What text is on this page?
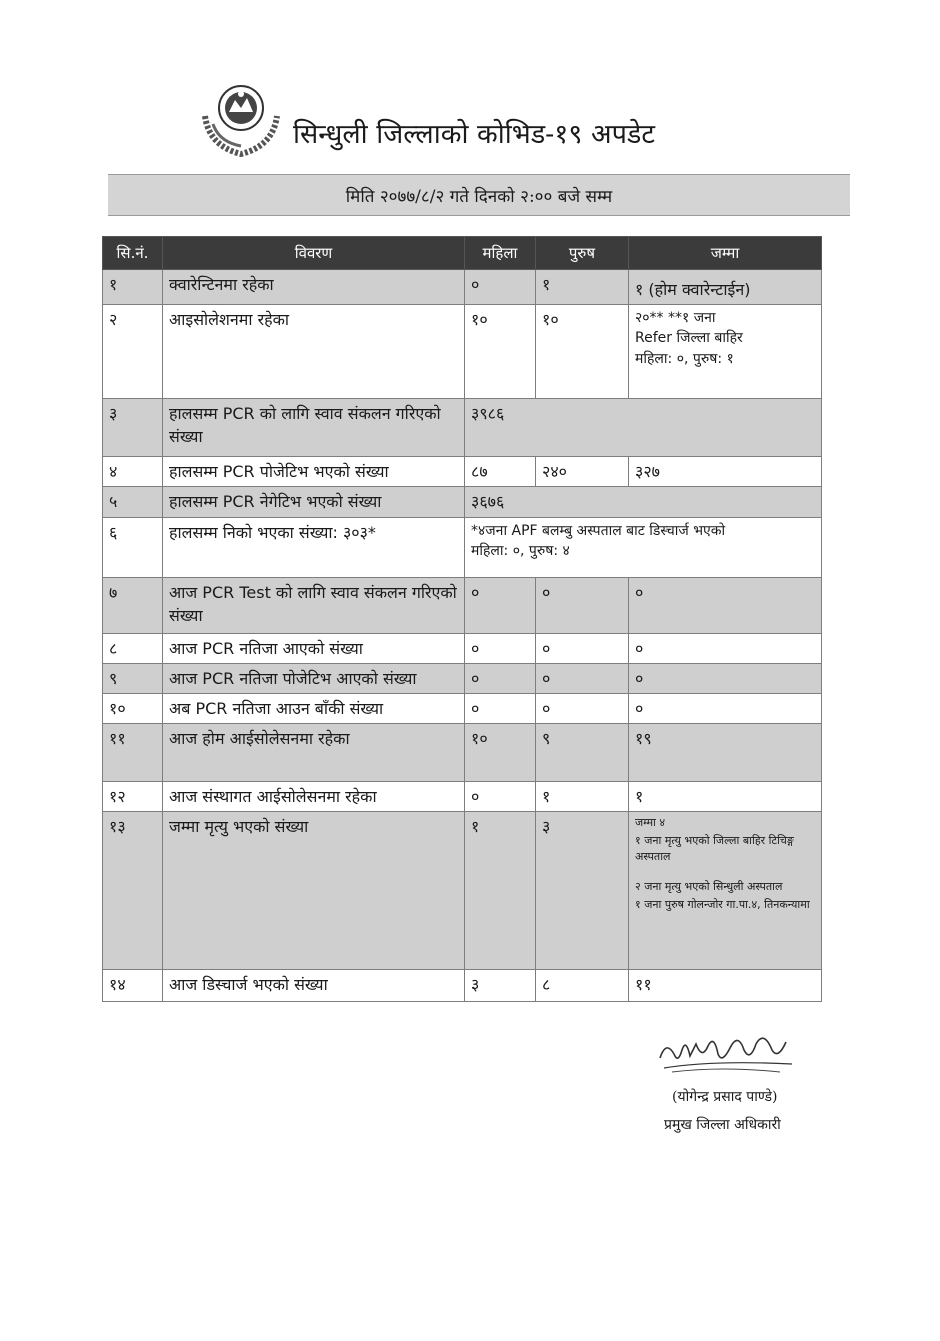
सिन्धुली जिल्लाको कोभिड-१९ अपडेट
मिति २०७७/८/२ गते दिनको २:०० बजे सम्म
सि.नं.	विवरण	महिला	पुरुष	जम्मा
१	क्वारेन्टिनमा रहेका	०	१	१ (होम क्वारेन्टाईन)
२	आइसोलेशनमा रहेका	१०	१०	२०** **१ जना

Refer जिल्ला बाहिर

महिला: ०, पुरुष: १

३	हालसम्म PCR को लागि स्वाव संकलन गरिएको संख्या	३९८६		
४	हालसम्म PCR पोजेटिभ भएको संख्या	८७	२४०	३२७
५	हालसम्म PCR नेगेटिभ भएको संख्या	३६७६		
६	हालसम्म निको भएका संख्या: ३०३*	*४जना APF बलम्बु अस्पताल बाट डिस्चार्ज भएको

महिला: ०, पुरुष: ४		

७	आज PCR Test को लागि स्वाव संकलन गरिएको संख्या	०	०	०
८	आज PCR नतिजा आएको संख्या	०	०	०
९	आज PCR नतिजा पोजेटिभ आएको संख्या	०	०	०
१०	अब PCR नतिजा आउन बाँकी संख्या	०	०	०
११	आज होम आईसोलेसनमा रहेका	१०	९	१९
१२	आज संस्थागत आईसोलेसनमा रहेका	०	१	१
१३	जम्मा मृत्यु भएको संख्या	१	३	जम्मा ४

१ जना मृत्यु भएको जिल्ला बाहिर टिचिङ्ग अस्पताल

२ जना मृत्यु भएको सिन्धुली अस्पताल

१ जना पुरुष गोलन्जोर गा.पा.४, तिनकन्यामा

१४	आज डिस्चार्ज भएको संख्या	३	८	११
(योगेन्द्र प्रसाद पाण्डे)
प्रमुख जिल्ला अधिकारी
